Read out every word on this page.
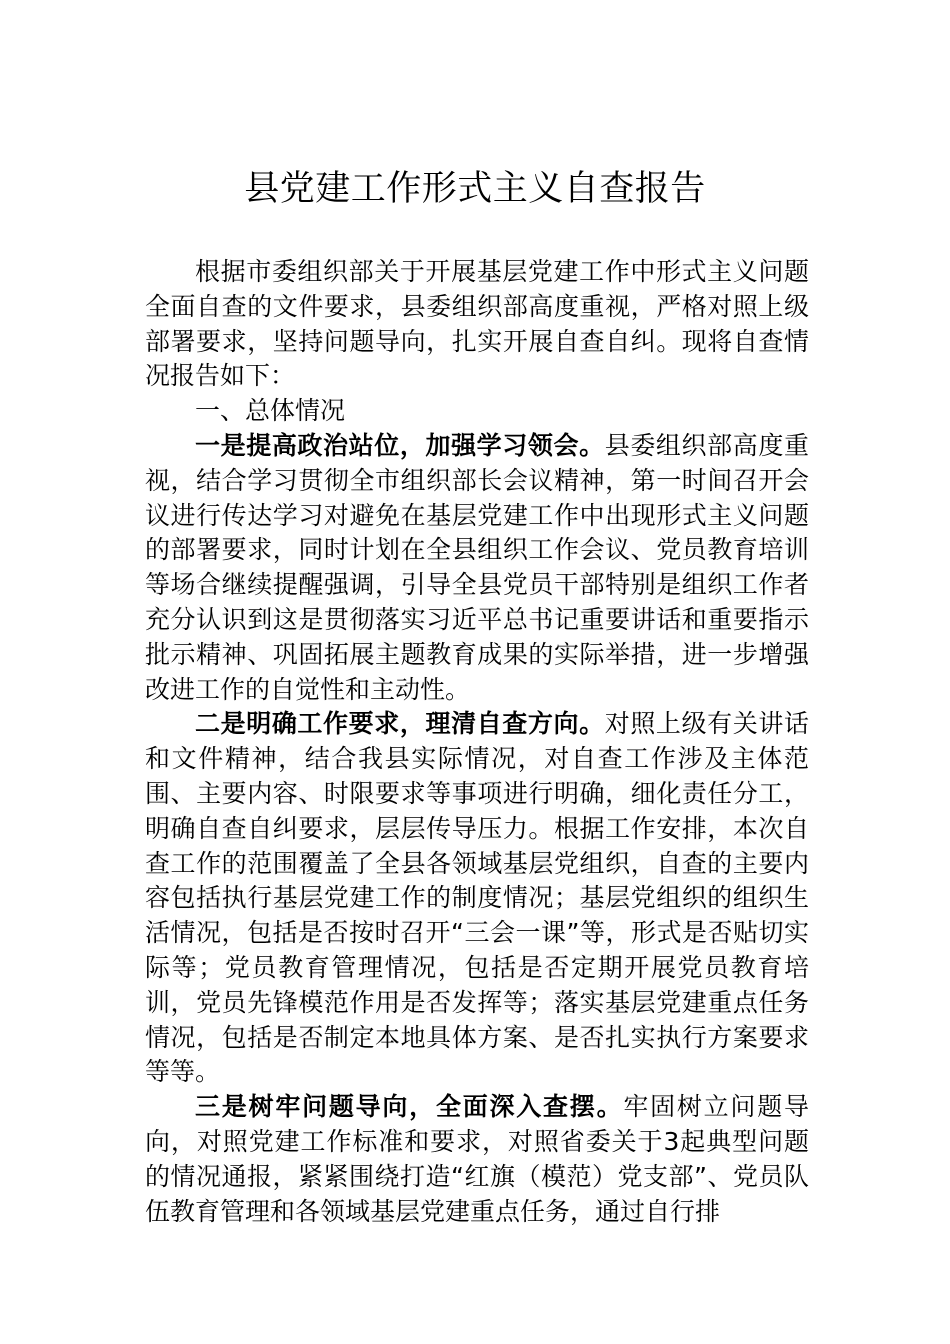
县党建工作形式主义自查报告

根据市委组织部关于开展基层党建工作中形式主义问题全面自查的文件要求，县委组织部高度重视，严格对照上级部署要求，坚持问题导向，扎实开展自查自纠。现将自查情况报告如下：

一、总体情况

一是提高政治站位，加强学习领会。县委组织部高度重视，结合学习贯彻全市组织部长会议精神，第一时间召开会议进行传达学习对避免在基层党建工作中出现形式主义问题的部署要求，同时计划在全县组织工作会议、党员教育培训等场合继续提醒强调，引导全县党员干部特别是组织工作者充分认识到这是贯彻落实习近平总书记重要讲话和重要指示批示精神、巩固拓展主题教育成果的实际举措，进一步增强改进工作的自觉性和主动性。

二是明确工作要求，理清自查方向。对照上级有关讲话和文件精神，结合我县实际情况，对自查工作涉及主体范围、主要内容、时限要求等事项进行明确，细化责任分工，明确自查自纠要求，层层传导压力。根据工作安排，本次自查工作的范围覆盖了全县各领域基层党组织，自查的主要内容包括执行基层党建工作的制度情况；基层党组织的组织生活情况，包括是否按时召开“三会一课”等，形式是否贴切实际等；党员教育管理情况，包括是否定期开展党员教育培训，党员先锋模范作用是否发挥等；落实基层党建重点任务情况，包括是否制定本地具体方案、是否扎实执行方案要求等等。

三是树牢问题导向，全面深入查摆。牢固树立问题导向，对照党建工作标准和要求，对照省委关于3起典型问题的情况通报，紧紧围绕打造“红旗（模范）党支部”、党员队伍教育管理和各领域基层党建重点任务，通过自行排
